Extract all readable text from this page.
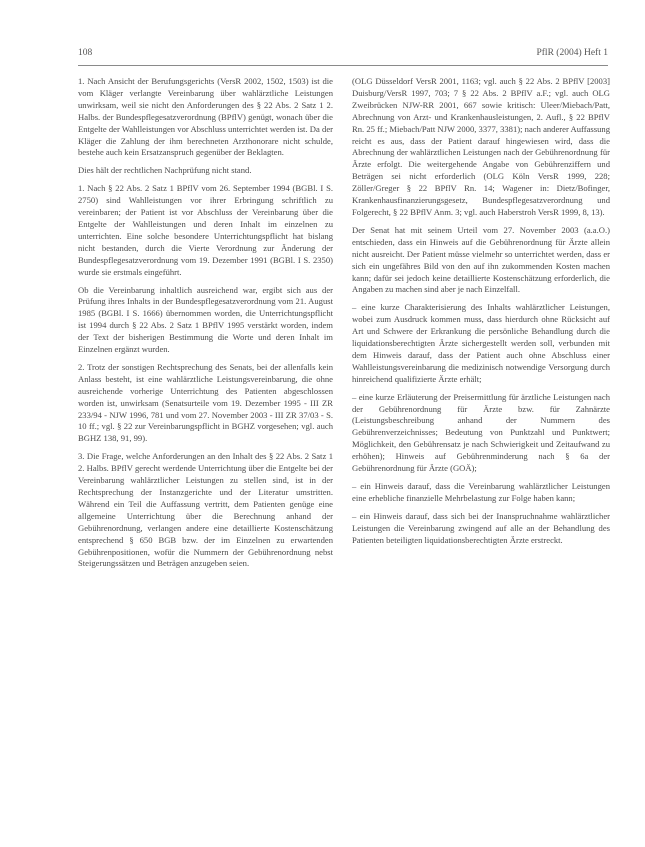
108	PflR (2004) Heft 1

1. Nach Ansicht der Berufungsgerichts (VersR 2002, 1502, 1503) ist die vom Kläger verlangte Vereinbarung über wahlärztliche Leistungen unwirksam, weil sie nicht den Anforderungen des § 22 Abs. 2 Satz 1 2. Halbs. der Bundespflegesatzverordnung (BPflV) genügt, wonach über die Entgelte der Wahlleistungen vor Abschluss unterrichtet werden ist. Da der Kläger die Zahlung der ihm berechneten Arzthonorare nicht schulde, bestehe auch kein Ersatzanspruch gegenüber der Beklagten.

Dies hält der rechtlichen Nachprüfung nicht stand.

1. Nach § 22 Abs. 2 Satz 1 BPflV vom 26. September 1994 (BGBl. I S. 2750) sind Wahlleistungen vor ihrer Erbringung schriftlich zu vereinbaren; der Patient ist vor Abschluss der Vereinbarung über die Entgelte der Wahlleistungen und deren Inhalt im einzelnen zu unterrichten. Eine solche besondere Unterrichtungspflicht hat bislang nicht bestanden, durch die Vierte Verordnung zur Änderung der Bundespflegesatzverordnung vom 19. Dezember 1991 (BGBl. I S. 2350) wurde sie erstmals eingeführt.

Ob die Vereinbarung inhaltlich ausreichend war, ergibt sich aus der Prüfung ihres Inhalts in der Bundespflegesatzverordnung vom 21. August 1985 (BGBl. I S. 1666) übernommen worden, die Unterrichtungspflicht ist 1994 durch § 22 Abs. 2 Satz 1 BPflV 1995 verstärkt worden, indem der Text der bisherigen Bestimmung die Worte und deren Inhalt im Einzelnen ergänzt wurden.

2. Trotz der sonstigen Rechtsprechung des Senats, bei der allenfalls kein Anlass besteht, ist eine wahlärztliche Leistungsvereinbarung, die ohne ausreichende vorherige Unterrichtung des Patienten abgeschlossen worden ist, unwirksam (Senatsurteile vom 19. Dezember 1995 - III ZR 233/94 - NJW 1996, 781 und vom 27. November 2003 - III ZR 37/03 - S. 10 ff.; vgl. § 22 zur Vereinbarungspflicht in BGHZ vorgesehen; vgl. auch BGHZ 138, 91, 99).

3. Die Frage, welche Anforderungen an den Inhalt des § 22 Abs. 2 Satz 1 2. Halbs. BPflV gerecht werdende Unterrichtung über die Entgelte bei der Vereinbarung wahlärztlicher Leistungen zu stellen sind, ist in der Rechtsprechung der Instanzgerichte und der Literatur umstritten. Während ein Teil die Auffassung vertritt, dem Patienten genüge eine allgemeine Unterrichtung über die Berechnung anhand der Gebührenordnung, verlangen andere eine detaillierte Kostenschätzung entsprechend § 650 BGB bzw. der im Einzelnen zu erwartenden Gebührenpositionen, wofür die Nummern der Gebührenordnung nebst Steigerungssätzen und Beträgen anzugeben seien.

(OLG Düsseldorf VersR 2001, 1163; vgl. auch § 22 Abs. 2 BPflV [2003] Duisburg/VersR 1997, 703; 7 § 22 Abs. 2 BPflV a.F.; vgl. auch OLG Zweibrücken NJW-RR 2001, 667 sowie kritisch: Uleer/Miebach/Patt, Abrechnung von Arzt- und Krankenhausleistungen, 2. Aufl., § 22 BPflV Rn. 25 ff.; Miebach/Patt NJW 2000, 3377, 3381); nach anderer Auffassung reicht es aus, dass der Patient darauf hingewiesen wird, dass die Abrechnung der wahlärztlichen Leistungen nach der Gebührenordnung für Ärzte erfolgt. Die weitergehende Angabe von Gebührenziffern und Beträgen sei nicht erforderlich (OLG Köln VersR 1999, 228; Zöller/Greger § 22 BPflV Rn. 14; Wagener in: Dietz/Bofinger, Krankenhausfinanzierungsgesetz, Bundespflegesatzverordnung und Folgerecht, § 22 BPflV Anm. 3; vgl. auch Haberstroh VersR 1999, 8, 13).

Der Senat hat mit seinem Urteil vom 27. November 2003 (a.a.O.) entschieden, dass ein Hinweis auf die Gebührenordnung für Ärzte allein nicht ausreicht. Der Patient müsse vielmehr so unterrichtet werden, dass er sich ein ungefähres Bild von den auf ihn zukommenden Kosten machen kann; dafür sei jedoch keine detaillierte Kostenschätzung erforderlich, die Angaben zu machen sind aber je nach Einzelfall.

– eine kurze Charakterisierung des Inhalts wahlärztlicher Leistungen, wobei zum Ausdruck kommen muss, dass hierdurch ohne Rücksicht auf Art und Schwere der Erkrankung die persönliche Behandlung durch die liquidationsberechtigten Ärzte sichergestellt werden soll, verbunden mit dem Hinweis darauf, dass der Patient auch ohne Abschluss einer Wahlleistungsvereinbarung die medizinisch notwendige Versorgung durch hinreichend qualifizierte Ärzte erhält;

– eine kurze Erläuterung der Preisermittlung für ärztliche Leistungen nach der Gebührenordnung für Ärzte bzw. für Zahnärzte (Leistungsbeschreibung anhand der Nummern des Gebührenverzeichnisses; Bedeutung von Punktzahl und Punktwert; Möglichkeit, den Gebührensatz je nach Schwierigkeit und Zeitaufwand zu erhöhen); Hinweis auf Gebührenminderung nach § 6a der Gebührenordnung für Ärzte (GOÄ);

– ein Hinweis darauf, dass die Vereinbarung wahlärztlicher Leistungen eine erhebliche finanzielle Mehrbelastung zur Folge haben kann;

– ein Hinweis darauf, dass sich bei der Inanspruchnahme wahlärztlicher Leistungen die Vereinbarung zwingend auf alle an der Behandlung des Patienten beteiligten liquidationsberechtigten Ärzte erstreckt.
